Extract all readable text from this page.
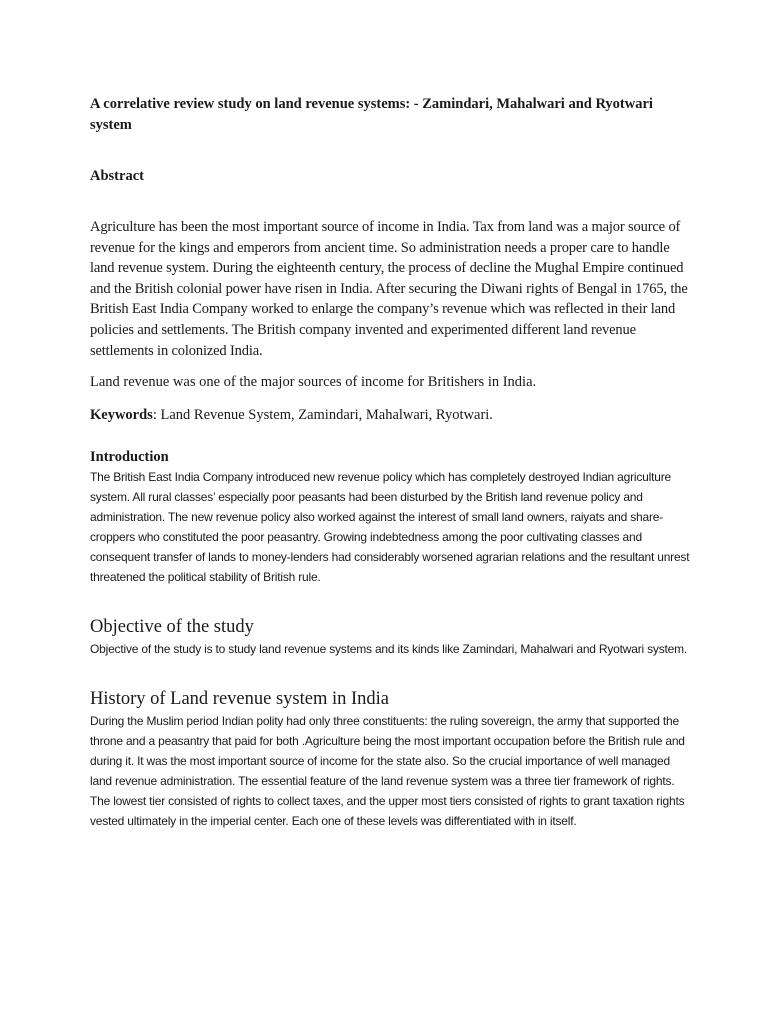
A correlative review study on land revenue systems: - Zamindari, Mahalwari and Ryotwari system
Abstract

Agriculture has been the most important source of income in India. Tax from land was a major source of revenue for the kings and emperors from ancient time. So administration needs a proper care to handle land revenue system. During the eighteenth century, the process of decline the Mughal Empire continued and the British colonial power have risen in India. After securing the Diwani rights of Bengal in 1765, the British East India Company worked to enlarge the company’s revenue which was reflected in their land policies and settlements. The British company invented and experimented different land revenue settlements in colonized India.

Land revenue was one of the major sources of income for Britishers in India.

Keywords: Land Revenue System, Zamindari, Mahalwari, Ryotwari.

Introduction

The British East India Company introduced new revenue policy which has completely destroyed Indian agriculture system. All rural classes’ especially poor peasants had been disturbed by the British land revenue policy and administration. The new revenue policy also worked against the interest of small land owners, raiyats and share- croppers who constituted the poor peasantry. Growing indebtedness among the poor cultivating classes and consequent transfer of lands to money-lenders had considerably worsened agrarian relations and the resultant unrest threatened the political stability of British rule.

Objective of the study

Objective of the study is to study land revenue systems and its kinds like Zamindari, Mahalwari and Ryotwari system.

History of Land revenue system in India

During the Muslim period Indian polity had only three constituents: the ruling sovereign, the army that supported the throne and a peasantry that paid for both .Agriculture being the most important occupation before the British rule and during it. It was the most important source of income for the state also. So the crucial importance of well managed land revenue administration. The essential feature of the land revenue system was a three tier framework of rights. The lowest tier consisted of rights to collect taxes, and the upper most tiers consisted of rights to grant taxation rights vested ultimately in the imperial center. Each one of these levels was differentiated with in itself.
